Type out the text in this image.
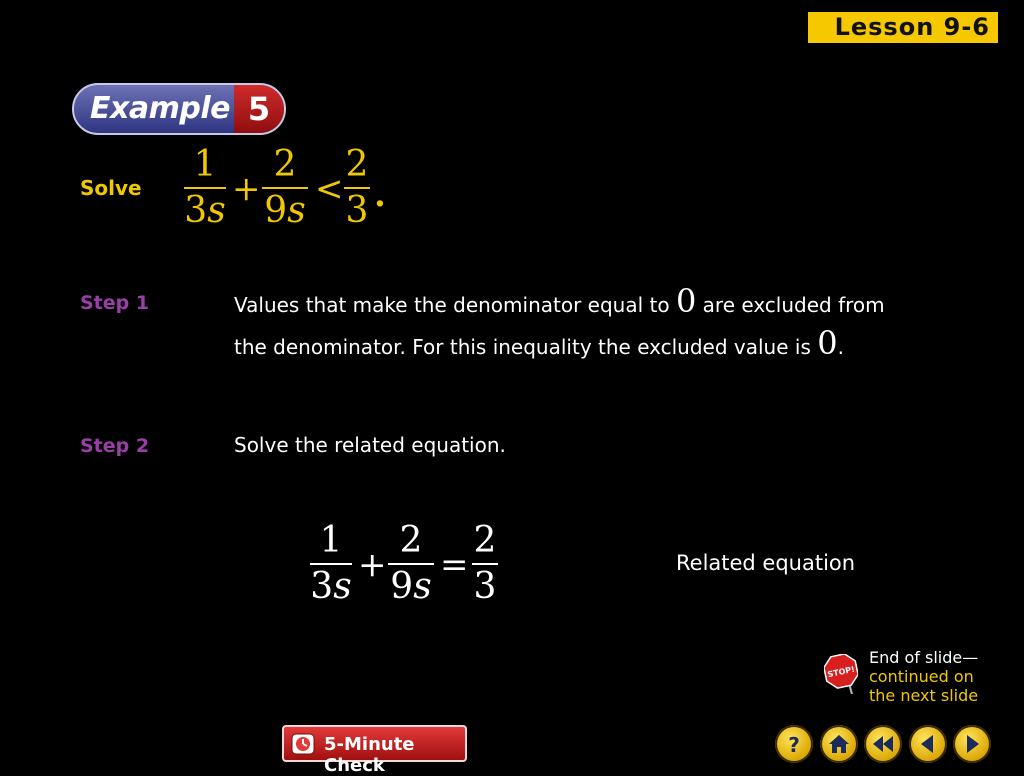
Lesson 9-6
Example 5
Solve
1
3s
+
2
9s
<
2
3 .
Step 1	Values that make the denominator equal to 0 are excluded from
the denominator. For this inequality the excluded value is 0.
Step 2	Solve the related equation.
1
3s
+
2
9s
=
2
3
Related equation
STOP!
End of slide—
continued on
the next slide
5-Minute Check
?
